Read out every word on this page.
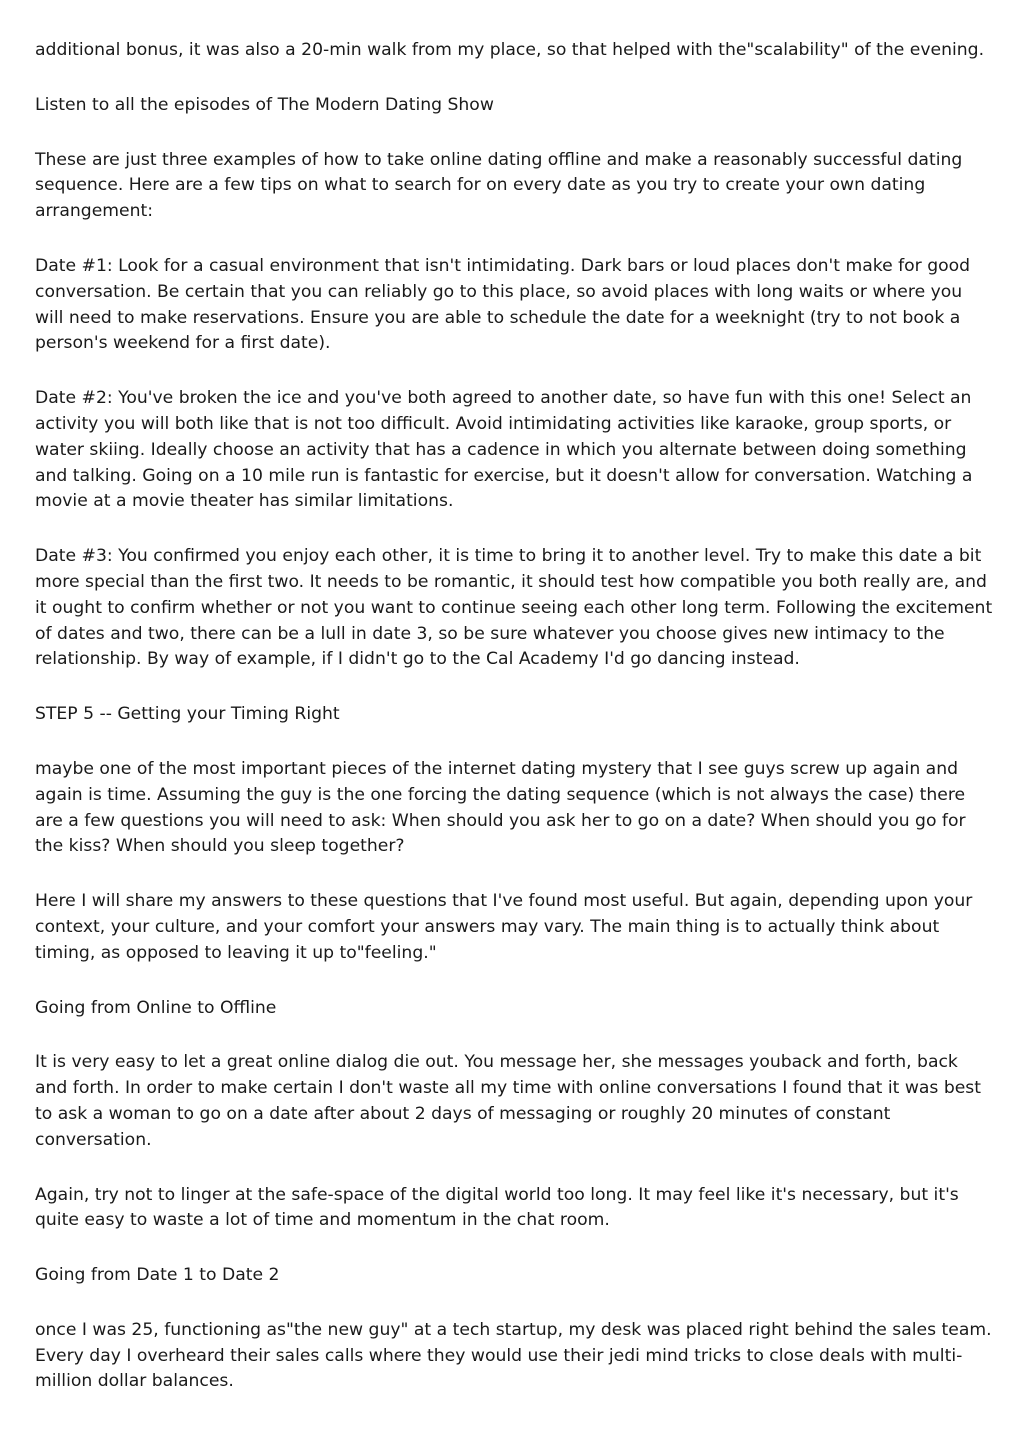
additional bonus, it was also a 20-min walk from my place, so that helped with the"scalability" of the evening.

Listen to all the episodes of The Modern Dating Show

These are just three examples of how to take online dating offline and make a reasonably successful dating sequence. Here are a few tips on what to search for on every date as you try to create your own dating arrangement:

Date #1: Look for a casual environment that isn't intimidating. Dark bars or loud places don't make for good conversation. Be certain that you can reliably go to this place, so avoid places with long waits or where you will need to make reservations. Ensure you are able to schedule the date for a weeknight (try to not book a person's weekend for a first date).

Date #2: You've broken the ice and you've both agreed to another date, so have fun with this one! Select an activity you will both like that is not too difficult. Avoid intimidating activities like karaoke, group sports, or water skiing. Ideally choose an activity that has a cadence in which you alternate between doing something and talking. Going on a 10 mile run is fantastic for exercise, but it doesn't allow for conversation. Watching a movie at a movie theater has similar limitations.

Date #3: You confirmed you enjoy each other, it is time to bring it to another level. Try to make this date a bit more special than the first two. It needs to be romantic, it should test how compatible you both really are, and it ought to confirm whether or not you want to continue seeing each other long term. Following the excitement of dates and two, there can be a lull in date 3, so be sure whatever you choose gives new intimacy to the relationship. By way of example, if I didn't go to the Cal Academy I'd go dancing instead.

STEP 5 -- Getting your Timing Right

maybe one of the most important pieces of the internet dating mystery that I see guys screw up again and again is time. Assuming the guy is the one forcing the dating sequence (which is not always the case) there are a few questions you will need to ask: When should you ask her to go on a date? When should you go for the kiss? When should you sleep together?

Here I will share my answers to these questions that I've found most useful. But again, depending upon your context, your culture, and your comfort your answers may vary. The main thing is to actually think about timing, as opposed to leaving it up to"feeling."

Going from Online to Offline

It is very easy to let a great online dialog die out. You message her, she messages youback and forth, back and forth. In order to make certain I don't waste all my time with online conversations I found that it was best to ask a woman to go on a date after about 2 days of messaging or roughly 20 minutes of constant conversation.

Again, try not to linger at the safe-space of the digital world too long. It may feel like it's necessary, but it's quite easy to waste a lot of time and momentum in the chat room.

Going from Date 1 to Date 2

once I was 25, functioning as"the new guy" at a tech startup, my desk was placed right behind the sales team. Every day I overheard their sales calls where they would use their jedi mind tricks to close deals with multi-million dollar balances.
